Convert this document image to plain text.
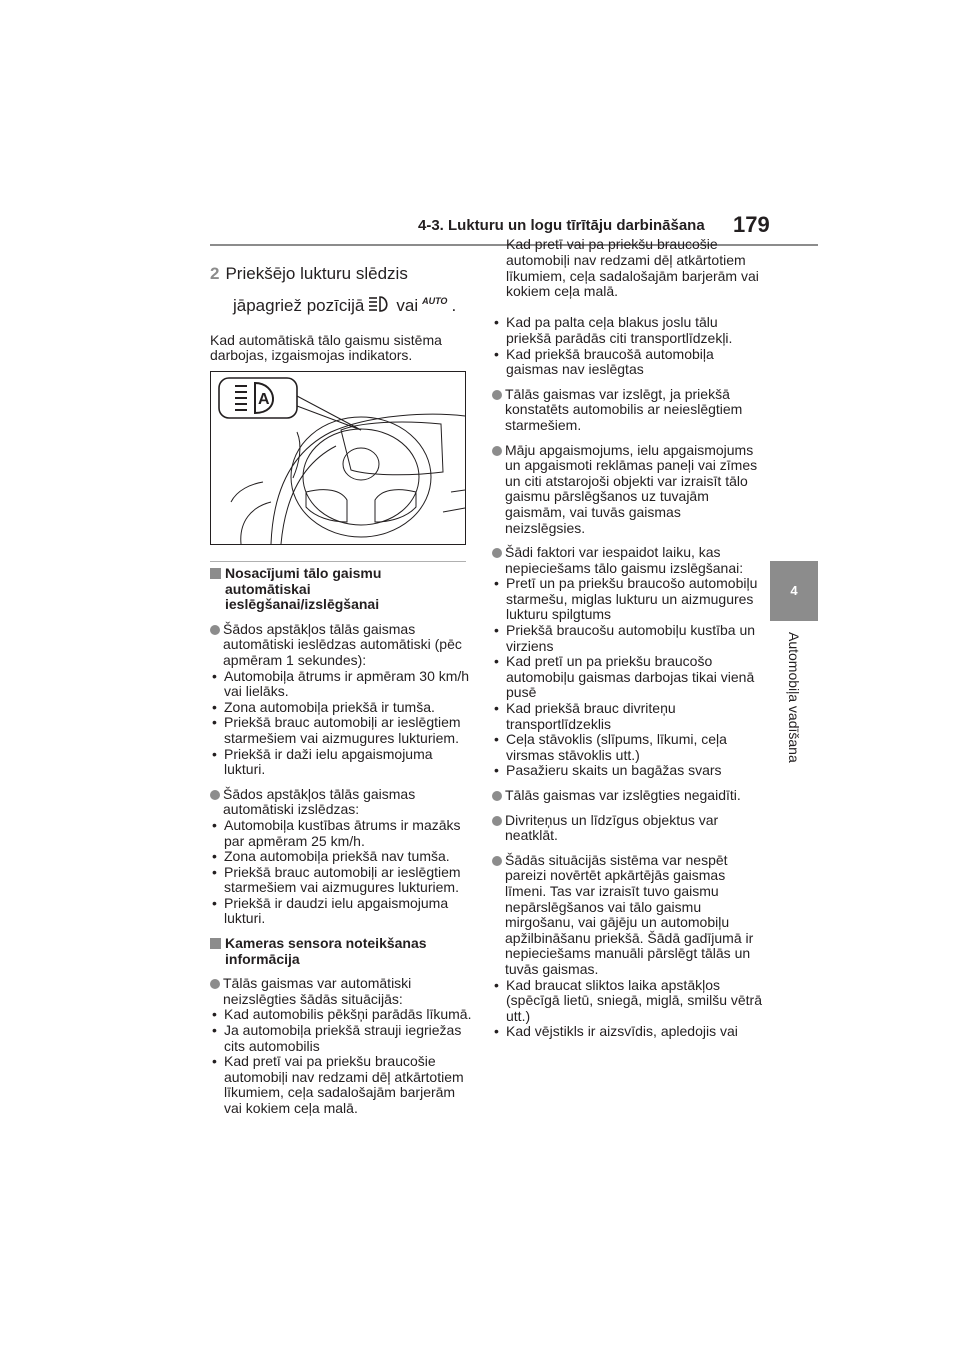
4-3. Lukturu un logu tīrītāju darbināšana 179
4
Automobiļa vadīšana
2 Priekšējo lukturu slēdzis
jāpagriež pozīcijā vai AUTO .

Kad automātiskā tālo gaismu sistēma darbojas, izgaismojas indikators.

A
Nosacījumi tālo gaismu automātiskai ieslēgšanai/izslēgšanai
Šādos apstākļos tālās gaismas automātiski ieslēdzas automātiski (pēc apmēram 1 sekundes):
• Automobiļa ātrums ir apmēram 30 km/h vai lielāks.
• Zona automobiļa priekšā ir tumša.
• Priekšā brauc automobiļi ar ieslēgtiem starmešiem vai aizmugures lukturiem.
• Priekšā ir daži ielu apgaismojuma lukturi.
Šādos apstākļos tālās gaismas automātiski izslēdzas:
• Automobiļa kustības ātrums ir mazāks par apmēram 25 km/h.
• Zona automobiļa priekšā nav tumša.
• Priekšā brauc automobiļi ar ieslēgtiem starmešiem vai aizmugures lukturiem.
• Priekšā ir daudzi ielu apgaismojuma lukturi.
Kameras sensora noteikšanas informācija
Tālās gaismas var automātiski neizslēgties šādās situācijās:
• Kad automobilis pēkšņi parādās līkumā.
• Ja automobiļa priekšā strauji iegriežas cits automobilis
• Kad pretī vai pa priekšu braucošie automobiļi nav redzami dēļ atkārtotiem līkumiem, ceļa sadalošajām barjerām vai kokiem ceļa malā.
Kad pretī vai pa priekšu braucošie automobiļi nav redzami dēļ atkārtotiem līkumiem, ceļa sadalošajām barjerām vai kokiem ceļa malā.
• Kad pa palta ceļa blakus joslu tālu priekšā parādās citi transportlīdzekļi.
• Kad priekšā braucošā automobiļa gaismas nav ieslēgtas
Tālās gaismas var izslēgt, ja priekšā konstatēts automobilis ar neieslēgtiem starmešiem.
Māju apgaismojums, ielu apgaismojums un apgaismoti reklāmas paneļi vai zīmes un citi atstarojoši objekti var izraisīt tālo gaismu pārslēgšanos uz tuvajām gaismām, vai tuvās gaismas neizslēgsies.
Šādi faktori var iespaidot laiku, kas nepieciešams tālo gaismu izslēgšanai:
• Pretī un pa priekšu braucošo automobiļu starmešu, miglas lukturu un aizmugures lukturu spilgtums
• Priekšā braucošu automobiļu kustība un virziens
• Kad pretī un pa priekšu braucošo automobiļu gaismas darbojas tikai vienā pusē
• Kad priekšā brauc divriteņu transportlīdzeklis
• Ceļa stāvoklis (slīpums, līkumi, ceļa virsmas stāvoklis utt.)
• Pasažieru skaits un bagāžas svars
Tālās gaismas var izslēgties negaidīti.
Divriteņus un līdzīgus objektus var neatklāt.
Šādās situācijās sistēma var nespēt pareizi novērtēt apkārtējās gaismas līmeni. Tas var izraisīt tuvo gaismu nepārslēgšanos vai tālo gaismu mirgošanu, vai gājēju un automobiļu apžilbināšanu priekšā. Šādā gadījumā ir nepieciešams manuāli pārslēgt tālās un tuvās gaismas.
• Kad braucat sliktos laika apstākļos (spēcīgā lietū, sniegā, miglā, smilšu vētrā utt.)
• Kad vējstikls ir aizsvīdis, apledojis vai
